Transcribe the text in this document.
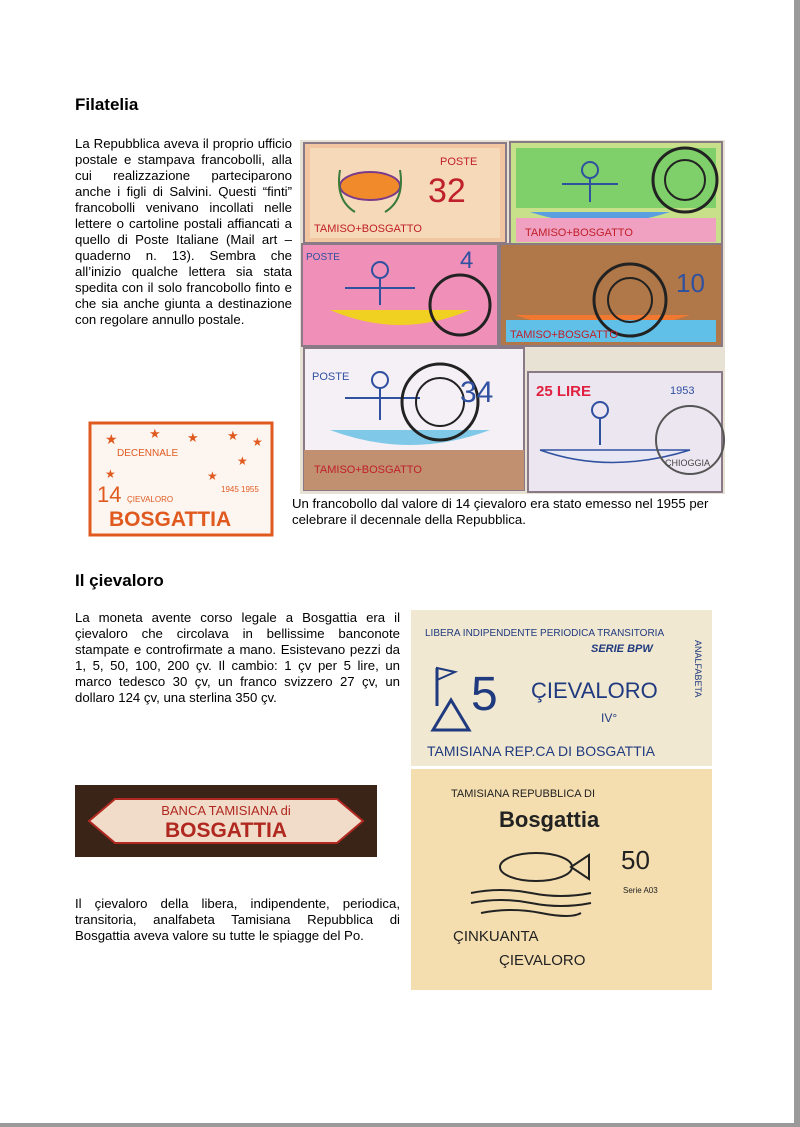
Filatelia

La Repubblica aveva il proprio ufficio postale e stampava francobolli, alla cui realizzazione parteciparono anche i figli di Salvini. Questi “finti” francobolli venivano incollati nelle lettere o cartoline postali affiancati a quello di Poste Italiane (Mail art – quaderno n. 13). Sembra che all’inizio qualche lettera sia stata spedita con il solo francobollo finto e che sia anche giunta a destinazione con regolare annullo postale.

POSTE
32
TAMISO+BOSGATTO	TAMISO+BOSGATTO
POSTE	4
10
TAMISO+BOSGATTO
POSTE	34
TAMISO+BOSGATTO
25 LIRE	1953
CHIOGGIA
★ ★ ★ ★ ★
★
★
★
DECENNALE
14 ÇIEVALORO
1945 1955
BOSGATTIA

Un francobollo dal valore di 14 çievaloro era stato emesso nel 1955 per celebrare il decennale della Repubblica.

Il çievaloro

La moneta avente corso legale a Bosgattia era il çievaloro che circolava in bellissime banconote stampate e controfirmate a mano. Esistevano pezzi da 1, 5, 50, 100, 200 çv. Il cambio: 1 çv per 5 lire, un marco tedesco 30 çv, un franco svizzero 27 çv, un dollaro 124 çv, una sterlina 350 çv.

BANCA TAMISIANA di
BOSGATTIA

Il çievaloro della libera, indipendente, periodica, transitoria, analfabeta Tamisiana Repubblica di Bosgattia aveva valore su tutte le spiagge del Po.

LIBERA INDIPENDENTE PERIODICA TRANSITORIA
SERIE BPW
5 ÇIEVALORO
IV°
TAMISIANA REP.CA DI BOSGATTIA
ANALFABETA
TAMISIANA REPUBBLICA DI
Bosgattia
50
Serie A03
ÇINKUANTA
ÇIEVALORO
